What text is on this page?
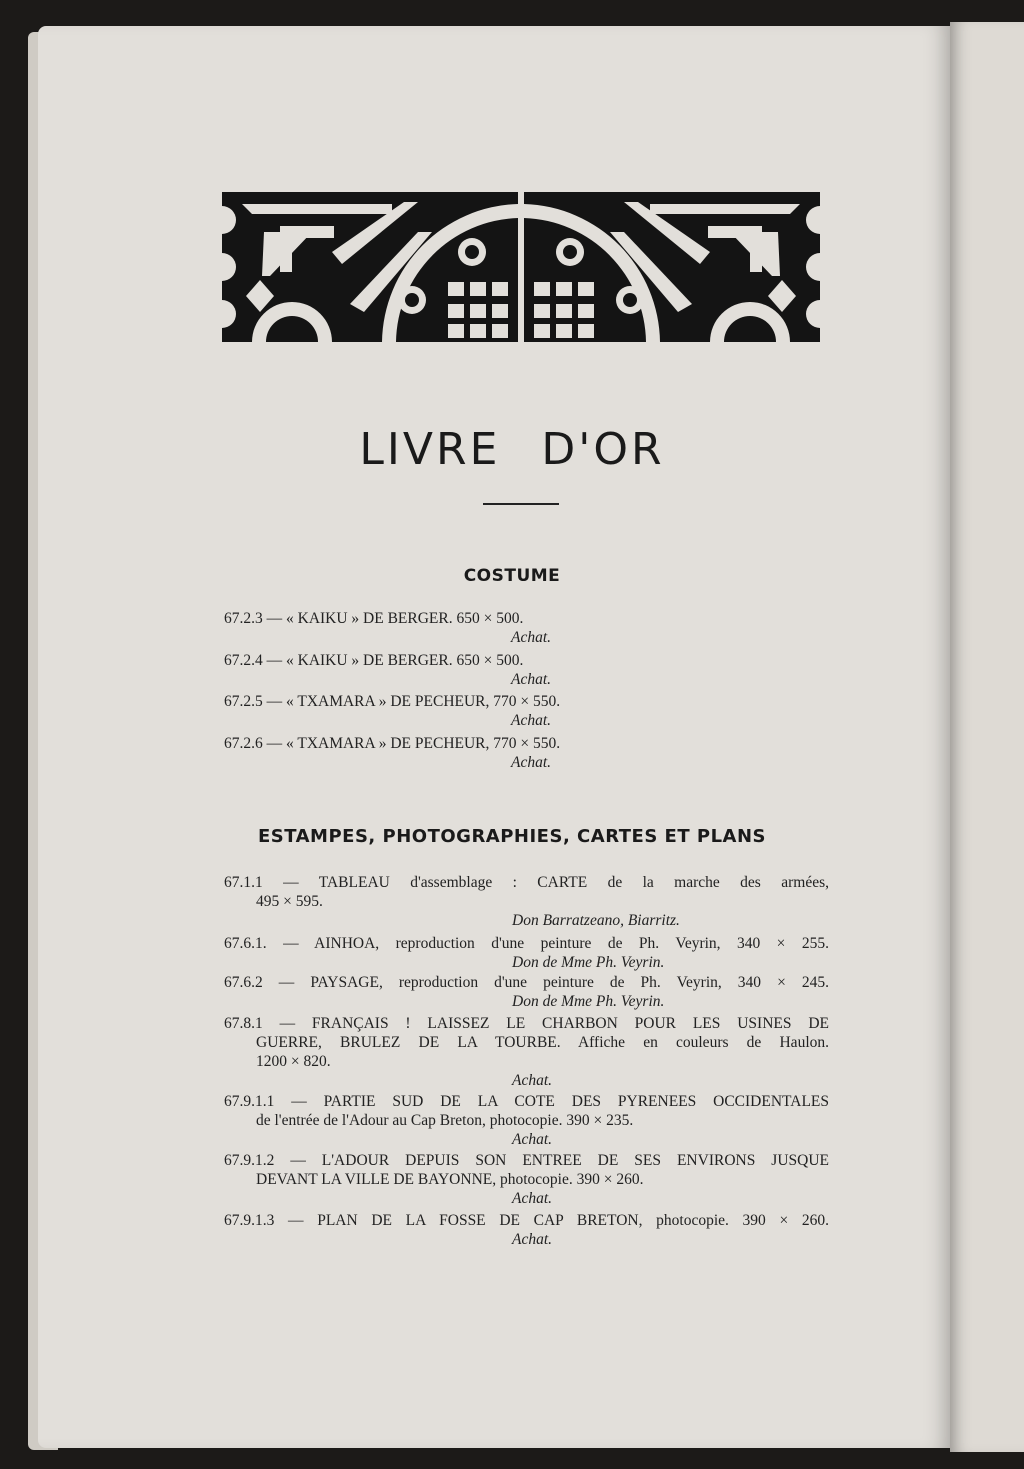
LIVRE D'OR
COSTUME
67.2.3 — « KAIKU » DE BERGER. 650 × 500.
Achat.
67.2.4 — « KAIKU » DE BERGER. 650 × 500.
Achat.
67.2.5 — « TXAMARA » DE PECHEUR, 770 × 550.
Achat.
67.2.6 — « TXAMARA » DE PECHEUR, 770 × 550.
Achat.
ESTAMPES, PHOTOGRAPHIES, CARTES ET PLANS
67.1.1 — TABLEAU d'assemblage : CARTE de la marche des armées,
495 × 595.
Don Barratzeano, Biarritz.
67.6.1. — AINHOA, reproduction d'une peinture de Ph. Veyrin, 340 × 255.
Don de Mme Ph. Veyrin.
67.6.2 — PAYSAGE, reproduction d'une peinture de Ph. Veyrin, 340 × 245.
Don de Mme Ph. Veyrin.
67.8.1 — FRANÇAIS ! LAISSEZ LE CHARBON POUR LES USINES DE
GUERRE, BRULEZ DE LA TOURBE. Affiche en couleurs de Haulon.
1200 × 820.
Achat.
67.9.1.1 — PARTIE SUD DE LA COTE DES PYRENEES OCCIDENTALES
de l'entrée de l'Adour au Cap Breton, photocopie. 390 × 235.
Achat.
67.9.1.2 — L'ADOUR DEPUIS SON ENTREE DE SES ENVIRONS JUSQUE
DEVANT LA VILLE DE BAYONNE, photocopie. 390 × 260.
Achat.
67.9.1.3 — PLAN DE LA FOSSE DE CAP BRETON, photocopie. 390 × 260.
Achat.
